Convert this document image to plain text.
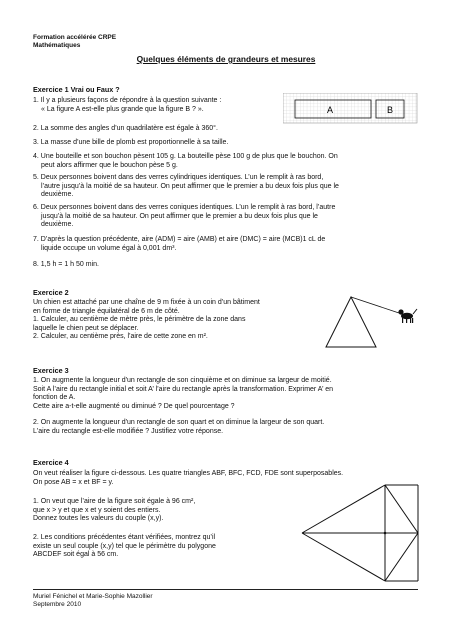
Formation accélérée CRPE
Mathématiques
Quelques éléments de grandeurs et mesures
Exercice 1 Vrai ou Faux ?
1. Il y a plusieurs façons de répondre à la question suivante :
« La figure A est-elle plus grande que la figure B ? ».	A	B
2. La somme des angles d’un quadrilatère est égale à 360°.
3. La masse d’une bille de plomb est proportionnelle à sa taille.
4. Une bouteille et son bouchon pèsent 105 g. La bouteille pèse 100 g de plus que le bouchon. On
peut alors affirmer que le bouchon pèse 5 g.
5. Deux personnes boivent dans des verres cylindriques identiques. L’un le remplit à ras bord,
l’autre jusqu’à la moitié de sa hauteur. On peut affirmer que le premier a bu deux fois plus que le
deuxième.
6. Deux personnes boivent dans des verres coniques identiques. L’un le remplit à ras bord, l’autre
jusqu’à la moitié de sa hauteur. On peut affirmer que le premier a bu deux fois plus que le
deuxième.
7. D’après la question précédente, aire (ADM) = aire (AMB) et aire (DMC) = aire (MCB)1 cL de
liquide occupe un volume égal à 0,001 dm³.
8. 1,5 h = 1 h 50 min.
Exercice 2
Un chien est attaché par une chaîne de 9 m fixée à un coin d’un bâtiment
en forme de triangle équilatéral de 6 m de côté.
1. Calculer, au centième de mètre près, le périmètre de la zone dans
laquelle le chien peut se déplacer.
2. Calculer, au centième près, l'aire de cette zone en m².
Exercice 3
1. On augmente la longueur d'un rectangle de son cinquième et on diminue sa largeur de moitié.
Soit A l’aire du rectangle initial et soit A’ l’aire du rectangle après la transformation. Exprimer A’ en
fonction de A.
Cette aire a-t-elle augmenté ou diminué ? De quel pourcentage ?
2. On augmente la longueur d'un rectangle de son quart et on diminue la largeur de son quart.
L'aire du rectangle est-elle modifiée ? Justifiez votre réponse.
Exercice 4
On veut réaliser la figure ci-dessous. Les quatre triangles ABF, BFC, FCD, FDE sont superposables.
On pose AB = x et BF = y.
1. On veut que l’aire de la figure soit égale à 96 cm²,
que x > y et que x et y soient des entiers.
Donnez toutes les valeurs du couple (x,y).
2. Les conditions précédentes étant vérifiées, montrez qu’il
existe un seul couple (x,y) tel que le périmètre du polygone
ABCDEF soit égal à 56 cm.
Muriel Fénichel et Marie-Sophie Mazollier
Septembre 2010
